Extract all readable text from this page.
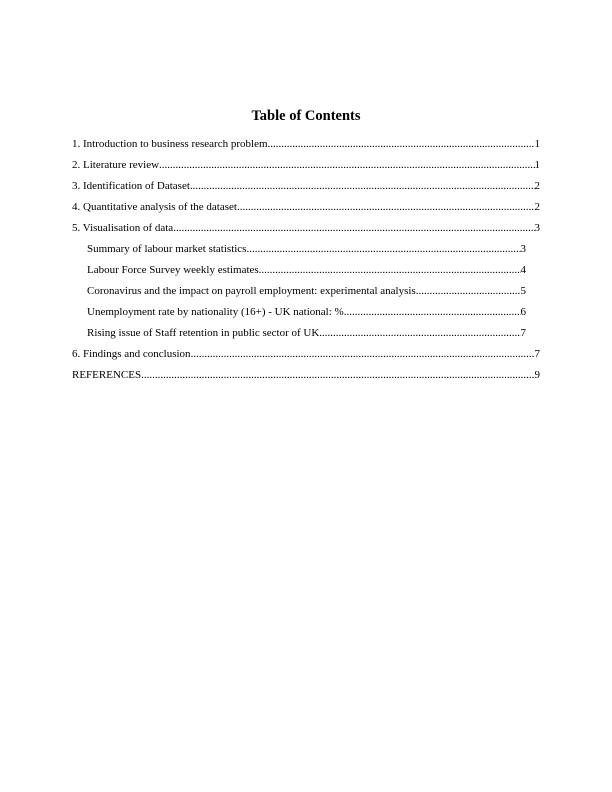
Table of Contents
1. Introduction to business research problem .....	1
2. Literature review .....	1
3. Identification of Dataset .....	2
4. Quantitative analysis of the dataset .....	2
5. Visualisation of data .....	3
Summary of labour market statistics .....	3
Labour Force Survey weekly estimates .....	4
Coronavirus and the impact on payroll employment: experimental analysis .....	5
Unemployment rate by nationality (16+) - UK national: % .....	6
Rising issue of Staff retention in public sector of UK .....	7
6. Findings and conclusion .....	7
REFERENCES .....	9
